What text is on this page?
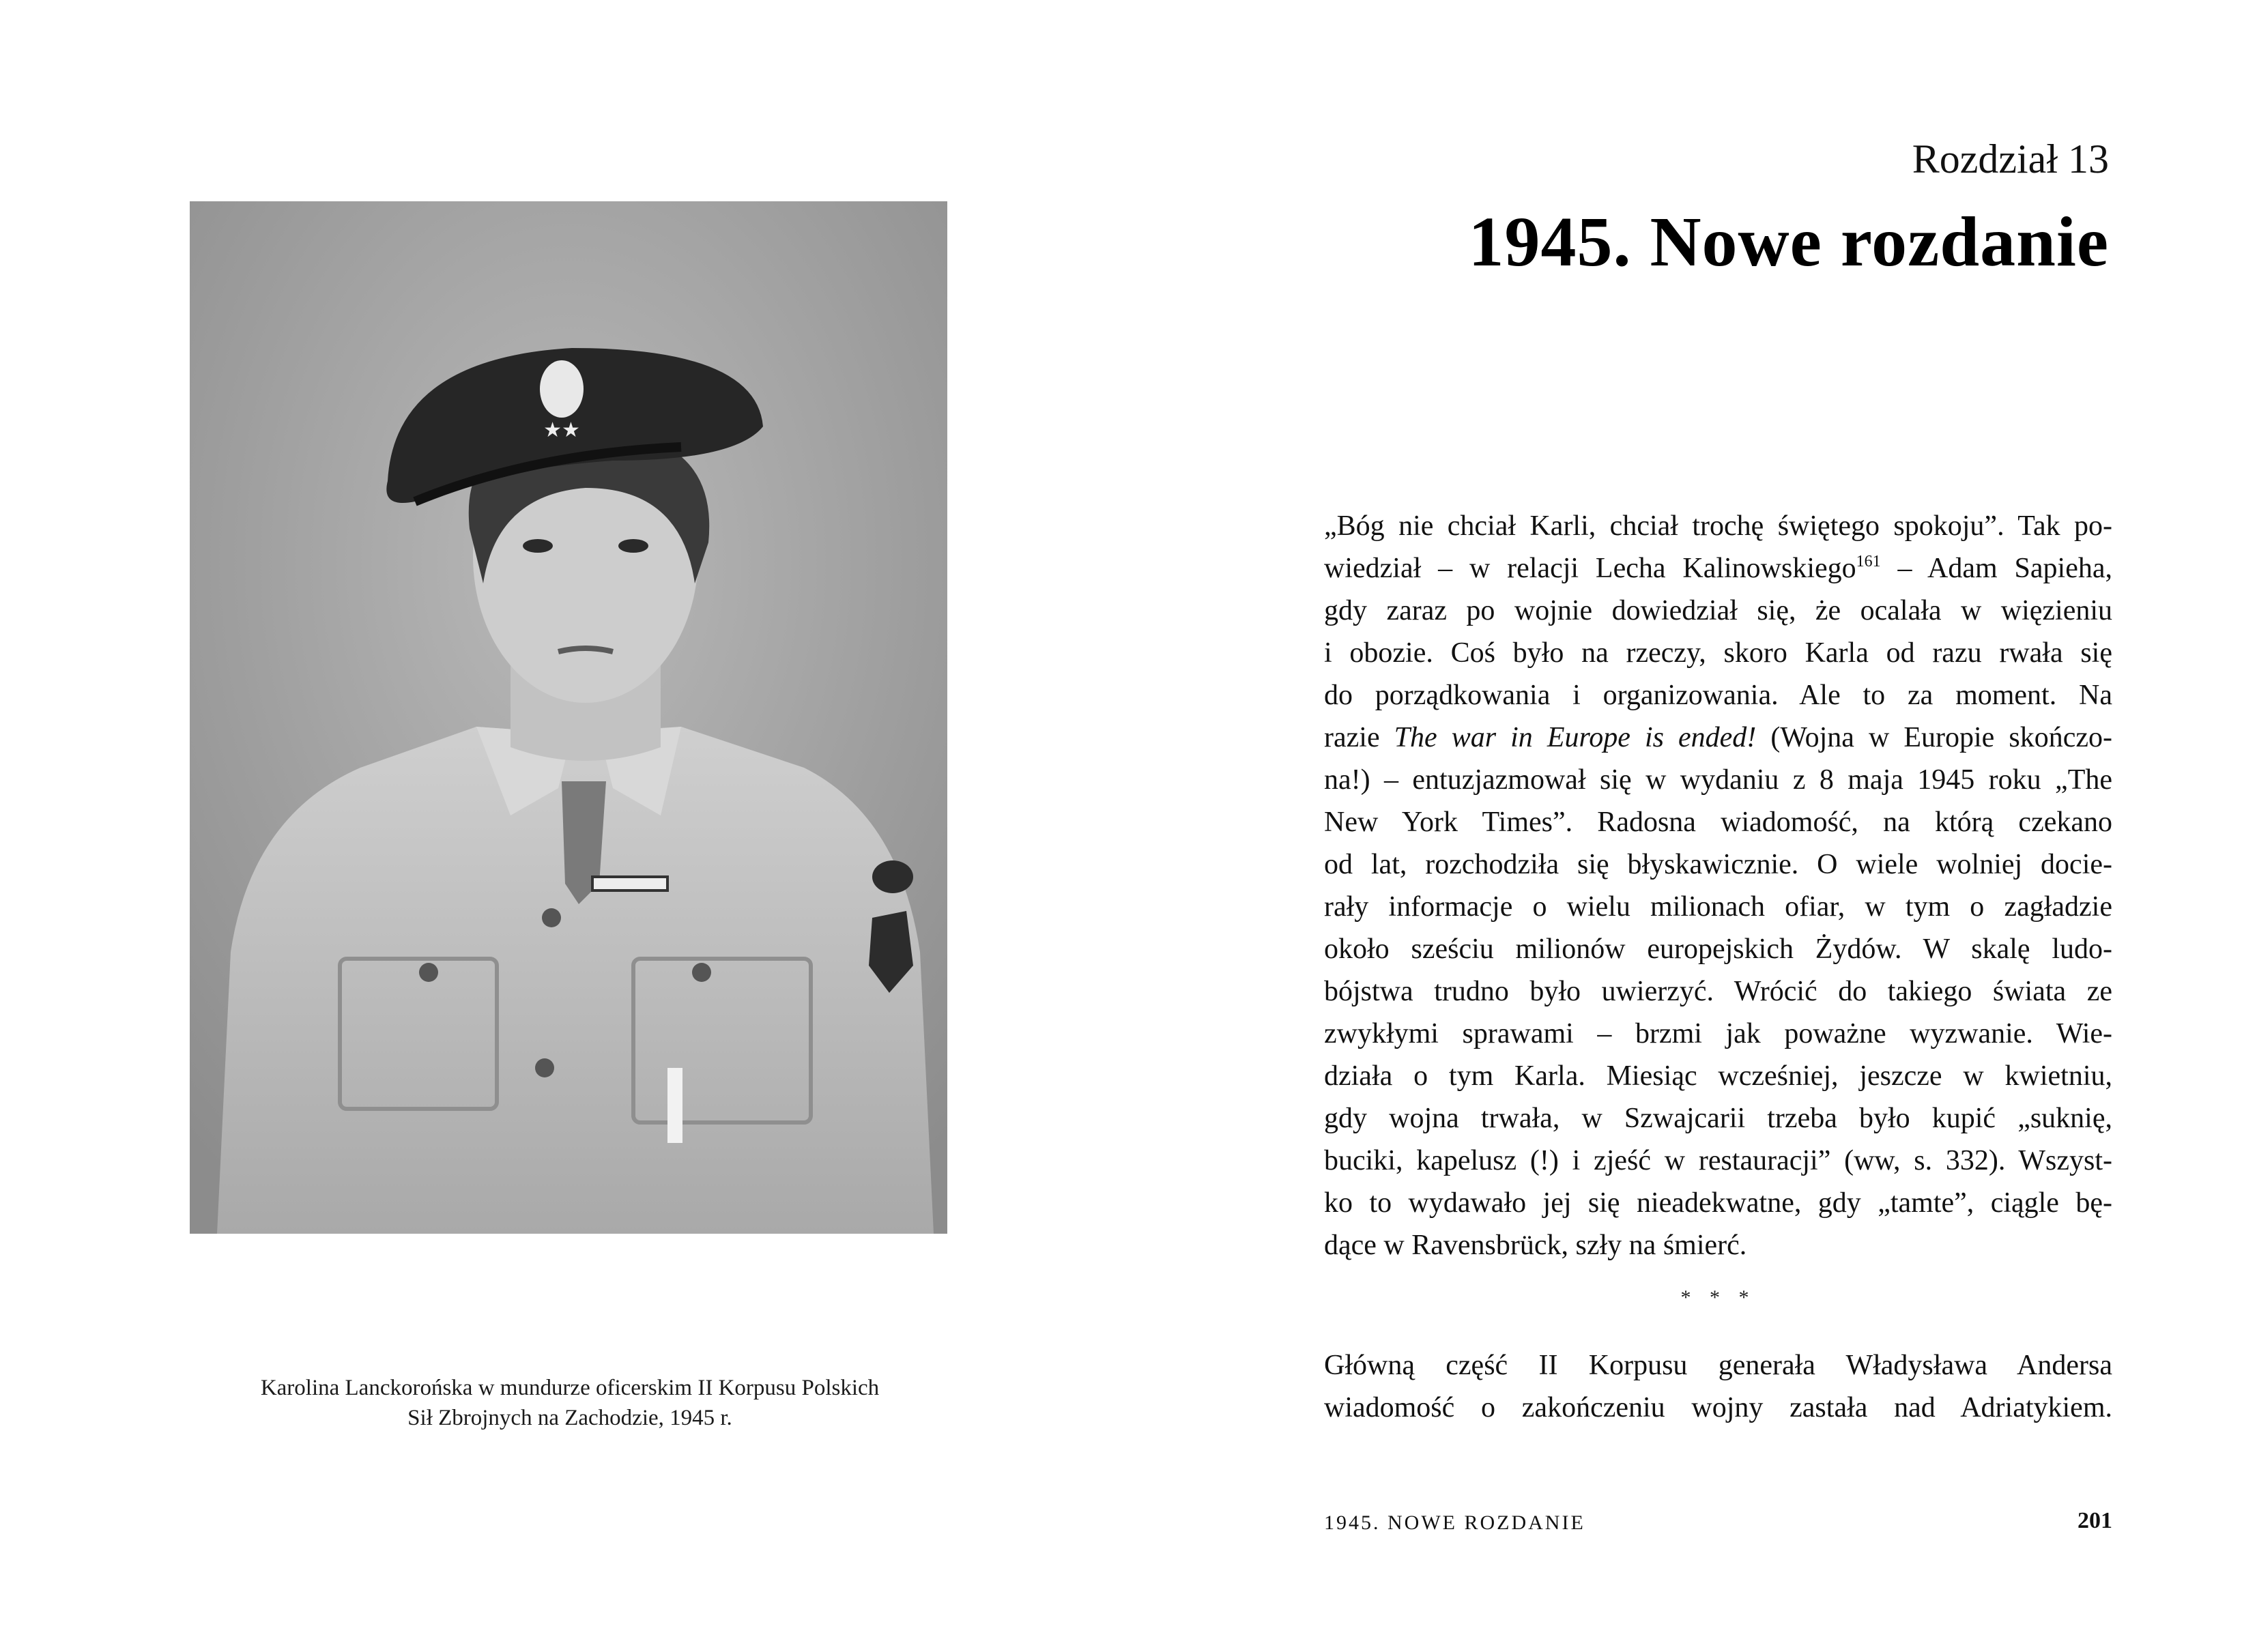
★★
Karolina Lanckorońska w mundurze oficerskim II Korpusu Polskich
Sił Zbrojnych na Zachodzie, 1945 r.
Rozdział 13
1945. Nowe rozdanie
„Bóg nie chciał Karli, chciał trochę świętego spokoju”. Tak po-
wiedział – w relacji Lecha Kalinowskiego$^{161}$ – Adam Sapieha,
gdy zaraz po wojnie dowiedział się, że ocalała w więzieniu
i obozie. Coś było na rzeczy, skoro Karla od razu rwała się
do porządkowania i organizowania. Ale to za moment. Na
razie The war in Europe is ended! (Wojna w Europie skończo-
na!) – entuzjazmował się w wydaniu z 8 maja 1945 roku „The
New York Times”. Radosna wiadomość, na którą czekano
od lat, rozchodziła się błyskawicznie. O wiele wolniej docie-
rały informacje o wielu milionach ofiar, w tym o zagładzie
około sześciu milionów europejskich Żydów. W skalę ludo-
bójstwa trudno było uwierzyć. Wrócić do takiego świata ze
zwykłymi sprawami – brzmi jak poważne wyzwanie. Wie-
działa o tym Karla. Miesiąc wcześniej, jeszcze w kwietniu,
gdy wojna trwała, w Szwajcarii trzeba było kupić „suknię,
buciki, kapelusz (!) i zjeść w restauracji” (ww, s. 332). Wszyst-
ko to wydawało jej się nieadekwatne, gdy „tamte”, ciągle bę-
dące w Ravensbrück, szły na śmierć.
* * *
Główną część II Korpusu generała Władysława Andersa
wiadomość o zakończeniu wojny zastała nad Adriatykiem.
1945. NOWE ROZDANIE	201
